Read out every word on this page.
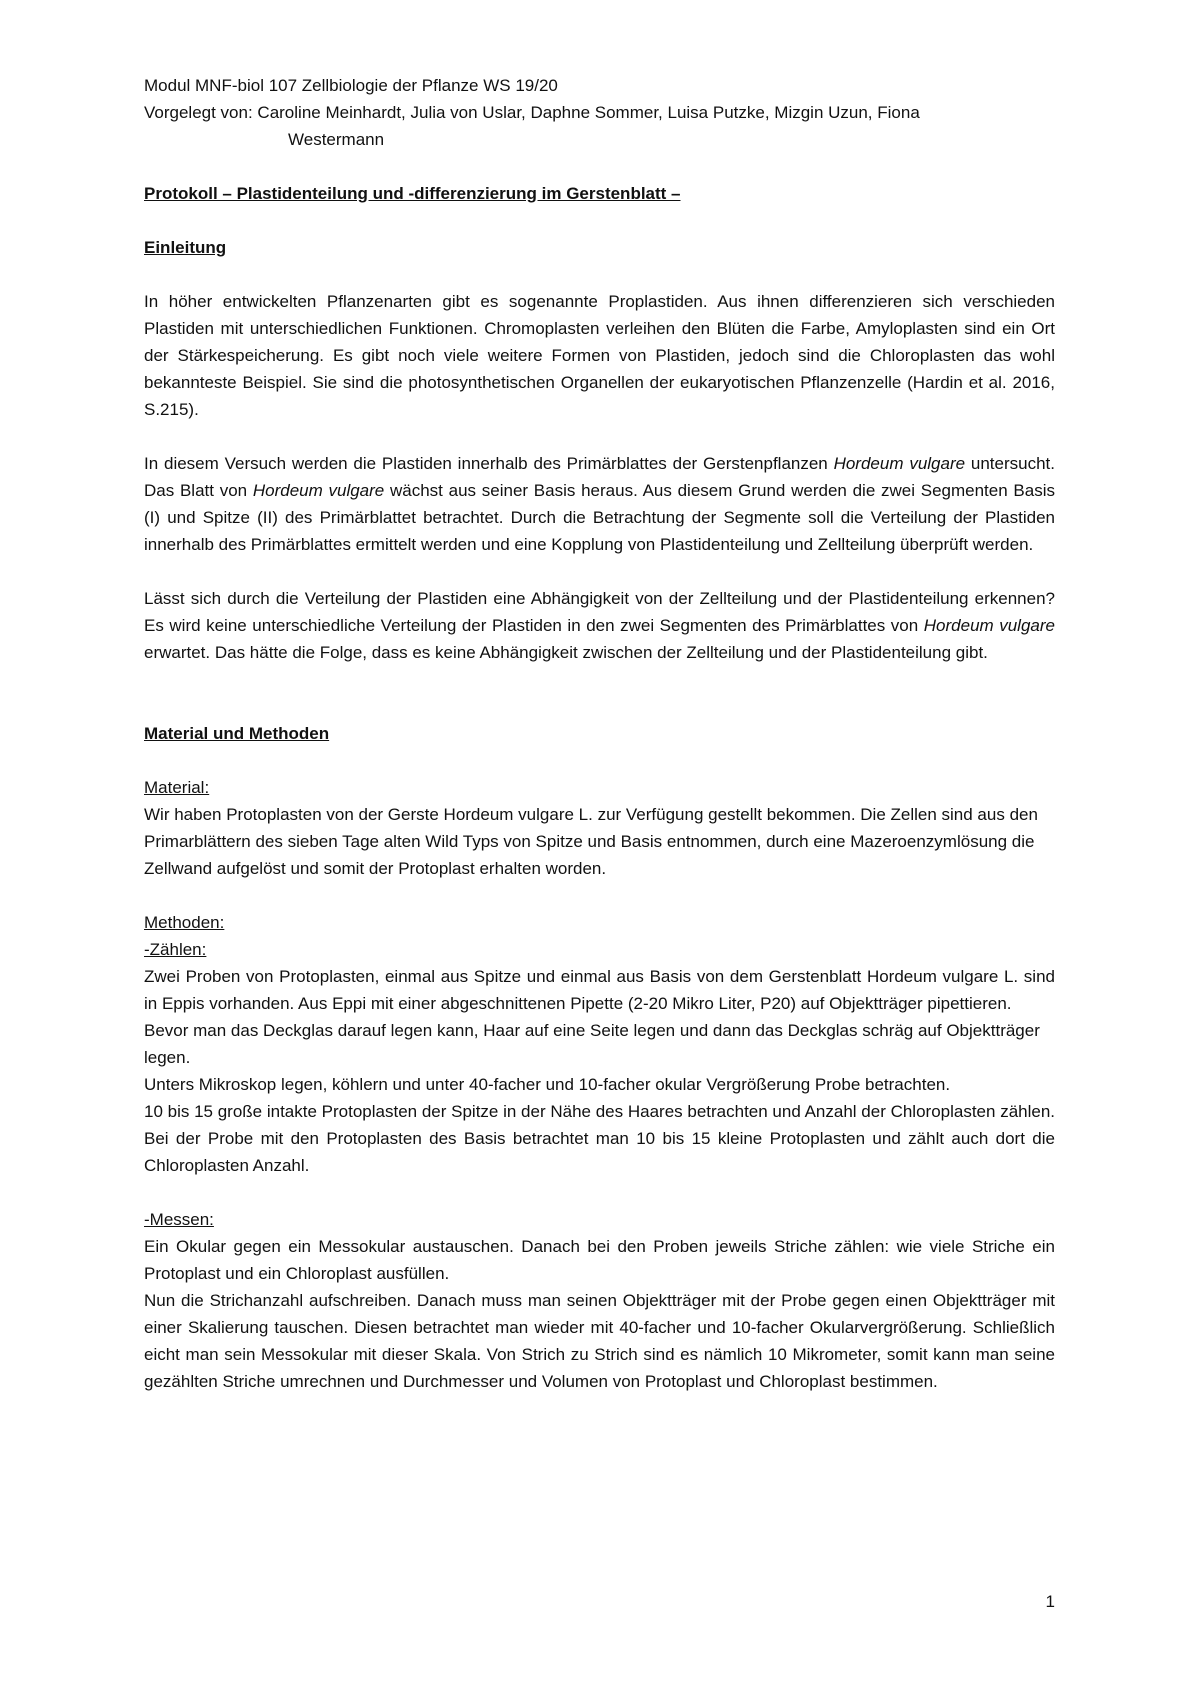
Modul MNF-biol 107 Zellbiologie der Pflanze WS 19/20

Vorgelegt von: Caroline Meinhardt, Julia von Uslar, Daphne Sommer, Luisa Putzke, Mizgin Uzun, Fiona

Westermann

Protokoll – Plastidenteilung und -differenzierung im Gerstenblatt –

Einleitung

In höher entwickelten Pflanzenarten gibt es sogenannte Proplastiden. Aus ihnen differenzieren sich verschieden Plastiden mit unterschiedlichen Funktionen. Chromoplasten verleihen den Blüten die Farbe, Amyloplasten sind ein Ort der Stärkespeicherung. Es gibt noch viele weitere Formen von Plastiden, jedoch sind die Chloroplasten das wohl bekannteste Beispiel. Sie sind die photosynthetischen Organellen der eukaryotischen Pflanzenzelle (Hardin et al. 2016, S.215).

In diesem Versuch werden die Plastiden innerhalb des Primärblattes der Gerstenpflanzen Hordeum vulgare untersucht. Das Blatt von Hordeum vulgare wächst aus seiner Basis heraus. Aus diesem Grund werden die zwei Segmenten Basis (I) und Spitze (II) des Primärblattet betrachtet. Durch die Betrachtung der Segmente soll die Verteilung der Plastiden innerhalb des Primärblattes ermittelt werden und eine Kopplung von Plastidenteilung und Zellteilung überprüft werden.

Lässt sich durch die Verteilung der Plastiden eine Abhängigkeit von der Zellteilung und der Plastidenteilung erkennen? Es wird keine unterschiedliche Verteilung der Plastiden in den zwei Segmenten des Primärblattes von Hordeum vulgare erwartet. Das hätte die Folge, dass es keine Abhängigkeit zwischen der Zellteilung und der Plastidenteilung gibt.

Material und Methoden

Material:

Wir haben Protoplasten von der Gerste Hordeum vulgare L. zur Verfügung gestellt bekommen. Die Zellen sind aus den Primarblättern des sieben Tage alten Wild Typs von Spitze und Basis entnommen, durch eine Mazeroenzymlösung die Zellwand aufgelöst und somit der Protoplast erhalten worden.

Methoden:

-Zählen:

Zwei Proben von Protoplasten, einmal aus Spitze und einmal aus Basis von dem Gerstenblatt Hordeum vulgare L. sind in Eppis vorhanden. Aus Eppi mit einer abgeschnittenen Pipette (2-20 Mikro Liter, P20) auf Objektträger pipettieren.

Bevor man das Deckglas darauf legen kann, Haar auf eine Seite legen und dann das Deckglas schräg auf Objektträger legen.

Unters Mikroskop legen, köhlern und unter 40-facher und 10-facher okular Vergrößerung Probe betrachten.

10 bis 15 große intakte Protoplasten der Spitze in der Nähe des Haares betrachten und Anzahl der Chloroplasten zählen. Bei der Probe mit den Protoplasten des Basis betrachtet man 10 bis 15 kleine Protoplasten und zählt auch dort die Chloroplasten Anzahl.

-Messen:

Ein Okular gegen ein Messokular austauschen. Danach bei den Proben jeweils Striche zählen: wie viele Striche ein Protoplast und ein Chloroplast ausfüllen.

Nun die Strichanzahl aufschreiben. Danach muss man seinen Objektträger mit der Probe gegen einen Objektträger mit einer Skalierung tauschen. Diesen betrachtet man wieder mit 40-facher und 10-facher Okularvergrößerung. Schließlich eicht man sein Messokular mit dieser Skala. Von Strich zu Strich sind es nämlich 10 Mikrometer, somit kann man seine gezählten Striche umrechnen und Durchmesser und Volumen von Protoplast und Chloroplast bestimmen.

1
